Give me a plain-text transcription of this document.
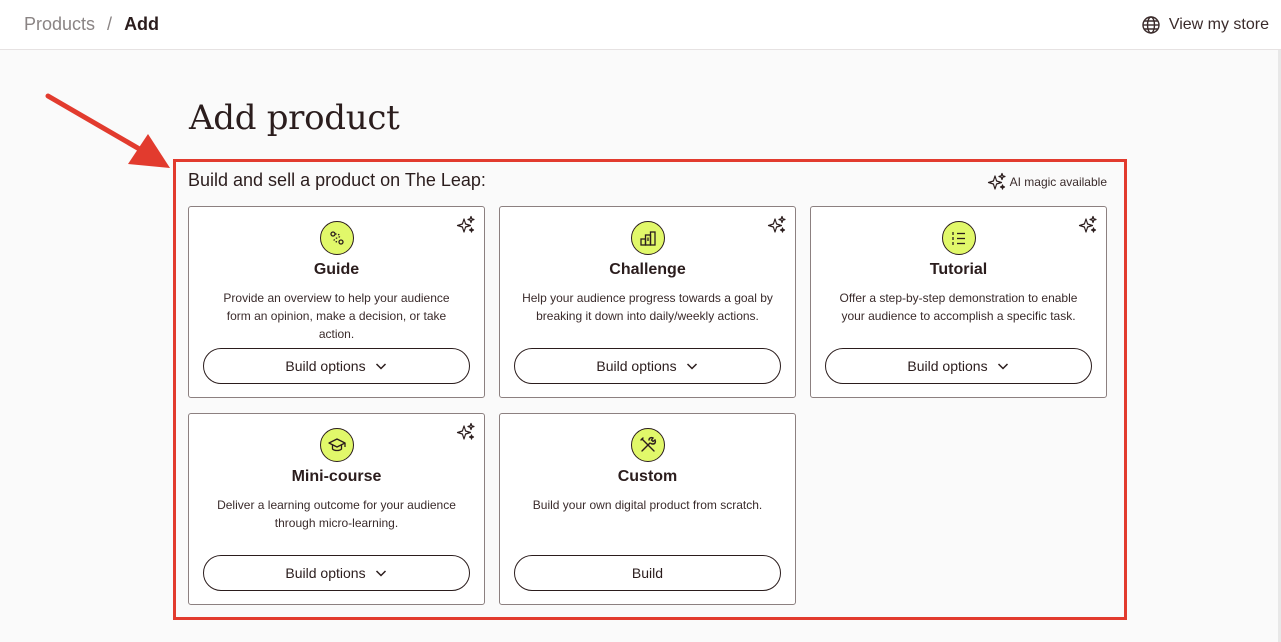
Products / Add	View my store
Add product
Build and sell a product on The Leap:	AI magic available
Guide
Provide an overview to help your audience form an opinion, make a decision, or take action.
Build options
Challenge
Help your audience progress towards a goal by breaking it down into daily/weekly actions.
Build options
Tutorial
Offer a step-by-step demonstration to enable your audience to accomplish a specific task.
Build options
Mini-course
Deliver a learning outcome for your audience through micro-learning.
Build options
Custom
Build your own digital product from scratch.
Build
